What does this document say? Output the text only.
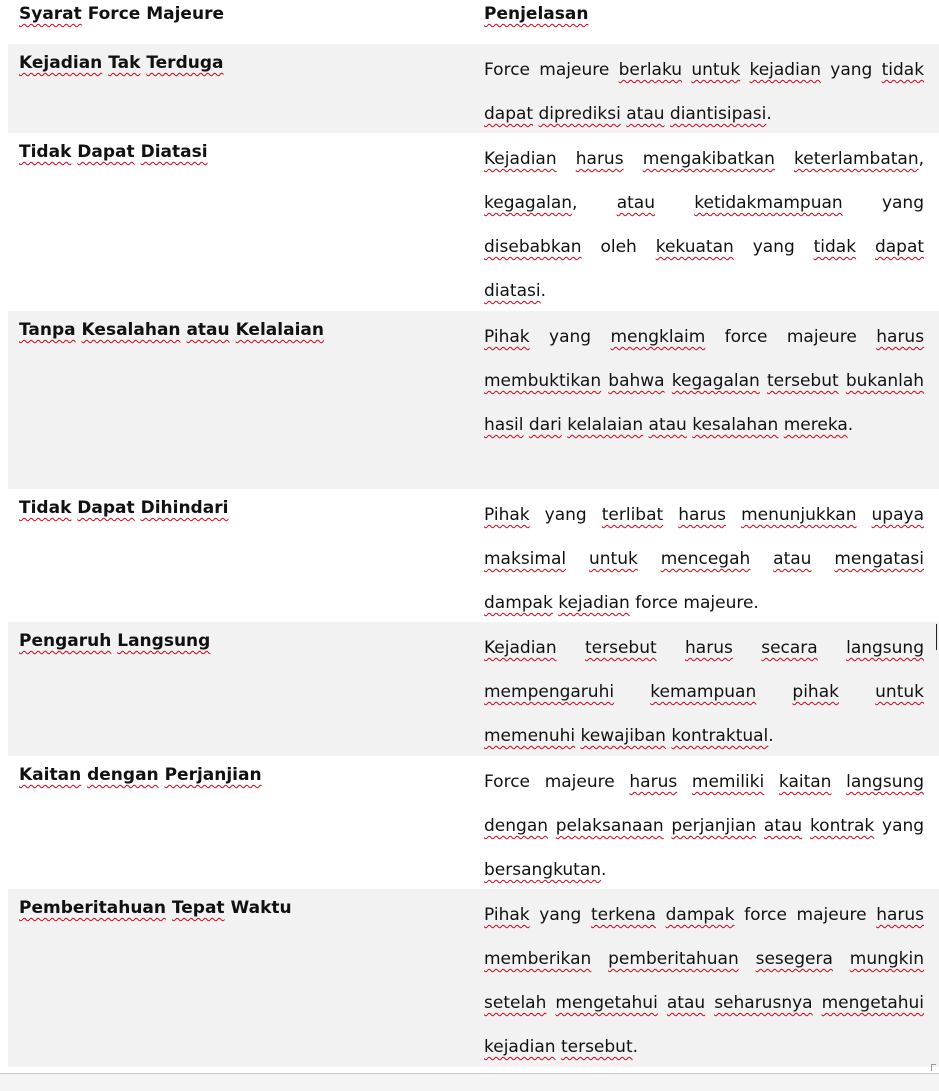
Syarat Force Majeure	Penjelasan
Kejadian Tak Terduga	Force majeure berlaku untuk kejadian yang tidak dapat diprediksi atau diantisipasi.
Tidak Dapat Diatasi	Kejadian harus mengakibatkan keterlambatan, kegagalan, atau ketidakmampuan yang disebabkan oleh kekuatan yang tidak dapat diatasi.
Tanpa Kesalahan atau Kelalaian	Pihak yang mengklaim force majeure harus membuktikan bahwa kegagalan tersebut bukanlah hasil dari kelalaian atau kesalahan mereka.
Tidak Dapat Dihindari	Pihak yang terlibat harus menunjukkan upaya maksimal untuk mencegah atau mengatasi dampak kejadian force majeure.
Pengaruh Langsung	Kejadian tersebut harus secara langsung mempengaruhi kemampuan pihak untuk memenuhi kewajiban kontraktual.
Kaitan dengan Perjanjian	Force majeure harus memiliki kaitan langsung dengan pelaksanaan perjanjian atau kontrak yang bersangkutan.
Pemberitahuan Tepat Waktu	Pihak yang terkena dampak force majeure harus memberikan pemberitahuan sesegera mungkin setelah mengetahui atau seharusnya mengetahui kejadian tersebut.
